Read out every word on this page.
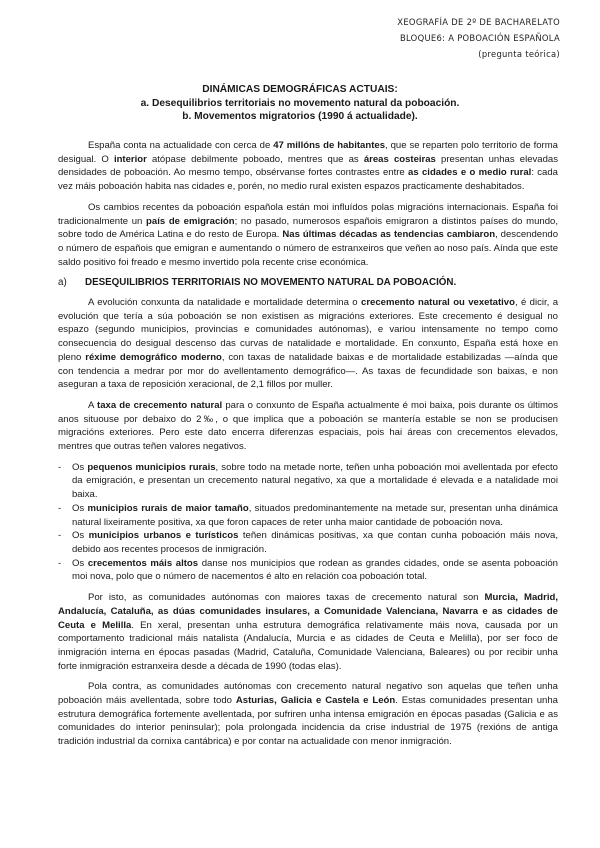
XEOGRAFÍA DE 2º DE BACHARELATO
BLOQUE6: A POBOACIÓN ESPAÑOLA
(pregunta teórica)
DINÁMICAS DEMOGRÁFICAS ACTUAIS:
a. Desequilibrios territoriais no movemento natural da poboación.
b. Movementos migratorios (1990 á actualidade).

España conta na actualidade con cerca de 47 millóns de habitantes, que se reparten polo territorio de forma desigual. O interior atópase debilmente poboado, mentres que as áreas costeiras presentan unhas elevadas densidades de poboación. Ao mesmo tempo, obsérvanse fortes contrastes entre as cidades e o medio rural: cada vez máis poboación habita nas cidades e, porén, no medio rural existen espazos practicamente deshabitados.

Os cambios recentes da poboación española están moi influídos polas migracións internacionais. España foi tradicionalmente un país de emigración; no pasado, numerosos españois emigraron a distintos países do mundo, sobre todo de América Latina e do resto de Europa. Nas últimas décadas as tendencias cambiaron, descendendo o número de españois que emigran e aumentando o número de estranxeiros que veñen ao noso país. Aínda que este saldo positivo foi freado e mesmo invertido pola recente crise económica.

a)	DESEQUILIBRIOS TERRITORIAIS NO MOVEMENTO NATURAL DA POBOACIÓN.

A evolución conxunta da natalidade e mortalidade determina o crecemento natural ou vexetativo, é dicir, a evolución que tería a súa poboación se non existisen as migracións exteriores. Este crecemento é desigual no espazo (segundo municipios, provincias e comunidades autónomas), e variou intensamente no tempo como consecuencia do desigual descenso das curvas de natalidade e mortalidade. En conxunto, España está hoxe en pleno réxime demográfico moderno, con taxas de natalidade baixas e de mortalidade estabilizadas —aínda que con tendencia a medrar por mor do avellentamento demográfico—. As taxas de fecundidade son baixas, e non aseguran a taxa de reposición xeracional, de 2,1 fillos por muller.

A taxa de crecemento natural para o conxunto de España actualmente é moi baixa, pois durante os últimos anos situouse por debaixo do 2‰, o que implica que a poboación se mantería estable se non se producisen migracións exteriores. Pero este dato encerra diferenzas espaciais, pois hai áreas con crecementos elevados, mentres que outras teñen valores negativos.

- Os pequenos municipios rurais, sobre todo na metade norte, teñen unha poboación moi avellentada por efecto da emigración, e presentan un crecemento natural negativo, xa que a mortalidade é elevada e a natalidade moi baixa.
- Os municipios rurais de maior tamaño, situados predominantemente na metade sur, presentan unha dinámica natural lixeiramente positiva, xa que foron capaces de reter unha maior cantidade de poboación nova.
- Os municipios urbanos e turísticos teñen dinámicas positivas, xa que contan cunha poboación máis nova, debido aos recentes procesos de inmigración.
- Os crecementos máis altos danse nos municipios que rodean as grandes cidades, onde se asenta poboación moi nova, polo que o número de nacementos é alto en relación coa poboación total.

Por isto, as comunidades autónomas con maiores taxas de crecemento natural son Murcia, Madrid, Andalucía, Cataluña, as dúas comunidades insulares, a Comunidade Valenciana, Navarra e as cidades de Ceuta e Melilla. En xeral, presentan unha estrutura demográfica relativamente máis nova, causada por un comportamento tradicional máis natalista (Andalucía, Murcia e as cidades de Ceuta e Melilla), por ser foco de inmigración interna en épocas pasadas (Madrid, Cataluña, Comunidade Valenciana, Baleares) ou por recibir unha forte inmigración estranxeira desde a década de 1990 (todas elas).

Pola contra, as comunidades autónomas con crecemento natural negativo son aquelas que teñen unha poboación máis avellentada, sobre todo Asturias, Galicia e Castela e León. Estas comunidades presentan unha estrutura demográfica fortemente avellentada, por sufriren unha intensa emigración en épocas pasadas (Galicia e as comunidades do interior peninsular); pola prolongada incidencia da crise industrial de 1975 (rexións de antiga tradición industrial da cornixa cantábrica) e por contar na actualidade con menor inmigración.
